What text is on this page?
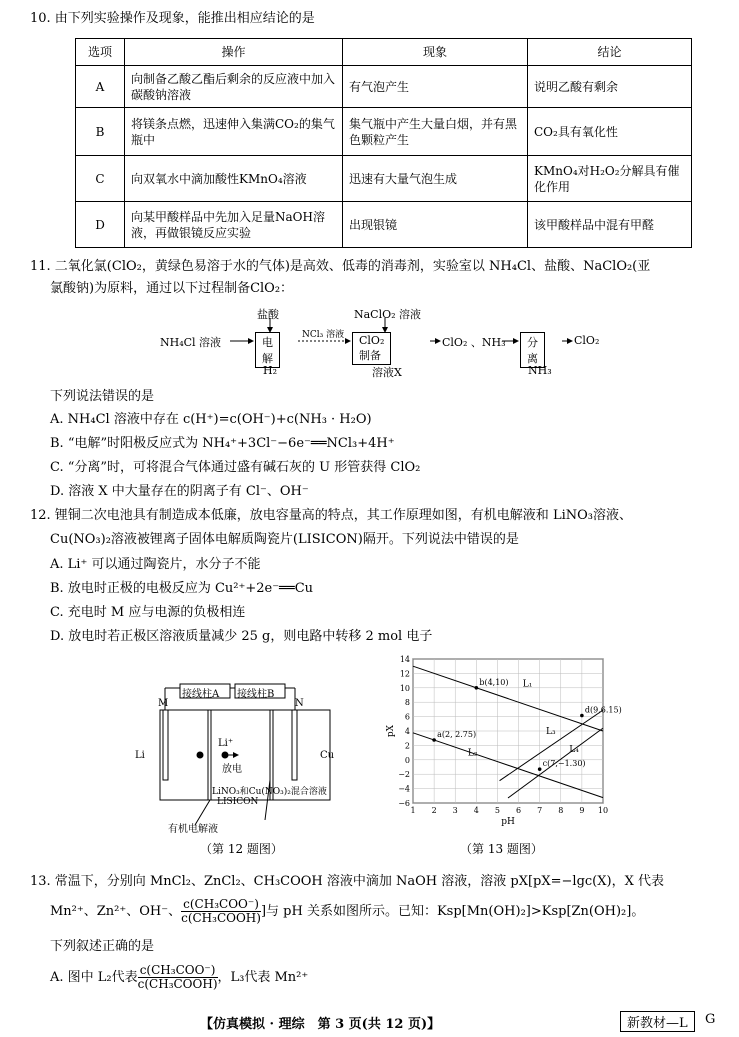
10. 由下列实验操作及现象，能推出相应结论的是
选项	操作	现象	结论
A	向制备乙酸乙酯后剩余的反应液中加入碳酸钠溶液	有气泡产生	说明乙酸有剩余
B	将镁条点燃，迅速伸入集满CO₂的集气瓶中	集气瓶中产生大量白烟，并有黑色颗粒产生	CO₂具有氧化性
C	向双氧水中滴加酸性KMnO₄溶液	迅速有大量气泡生成	KMnO₄对H₂O₂分解具有催化作用
D	向某甲酸样品中先加入足量NaOH溶液，再做银镜反应实验	出现银镜	该甲酸样品中混有甲醛
11. 二氧化氯(ClO₂，黄绿色易溶于水的气体)是高效、低毒的消毒剂，实验室以 NH₄Cl、盐酸、NaClO₂(亚
氯酸钠)为原料，通过以下过程制备ClO₂：
NH₄Cl 溶液
盐酸
电解
H₂
NCl₃ 溶液
NaClO₂ 溶液
ClO₂ 制备
溶液X
ClO₂ 、NH₃	分离
ClO₂
NH₃
下列说法错误的是
A. NH₄Cl 溶液中存在 c(H⁺)=c(OH⁻)+c(NH₃ · H₂O)
B. “电解”时阳极反应式为 NH₄⁺+3Cl⁻−6e⁻══NCl₃+4H⁺
C. “分离”时，可将混合气体通过盛有碱石灰的 U 形管获得 ClO₂
D. 溶液 X 中大量存在的阴离子有 Cl⁻、OH⁻
12. 锂铜二次电池具有制造成本低廉，放电容量高的特点，其工作原理如图，有机电解液和 LiNO₃溶液、
Cu(NO₃)₂溶液被锂离子固体电解质陶瓷片(LISICON)隔开。下列说法中错误的是
A. Li⁺ 可以通过陶瓷片，水分子不能
B. 放电时正极的电极反应为 Cu²⁺+2e⁻══Cu
C. 充电时 M 应与电源的负极相连
D. 放电时若正极区溶液质量减少 25 g，则电路中转移 2 mol 电子
接线柱A 接线柱B
M	N
Li	Cu
Li⁺
放电
LiNO₃和Cu(NO₃)₂混合溶液
LISICON
有机电解液
（第 12 题图）
1 2 3 4 5 6 7 8 9 10
−6
−4
−2
0
2
4
6
8
10
12
14
pH
pX
b(4,10)
a(2, 2.75)
d(9,6.15)
c(7,−1.30)
L₁
L₂
L₃
L₄
（第 13 题图）
13. 常温下，分别向 MnCl₂、ZnCl₂、CH₃COOH 溶液中滴加 NaOH 溶液，溶液 pX[pX=−lgc(X)，X 代表
Mn²⁺、Zn²⁺、OH⁻、 $\frac{\text{c(CH₃COO⁻)}}{\text{c(CH₃COOH)}}$ ]与 pH 关系如图所示。已知：Ksp[Mn(OH)₂]>Ksp[Zn(OH)₂]。
下列叙述正确的是
A. 图中 L₂代表 $\frac{\text{c(CH₃COO⁻)}}{\text{c(CH₃COOH)}}$ ，L₃代表 Mn²⁺
【仿真模拟 · 理综　第 3 页(共 12 页)】	新教材—L	G
